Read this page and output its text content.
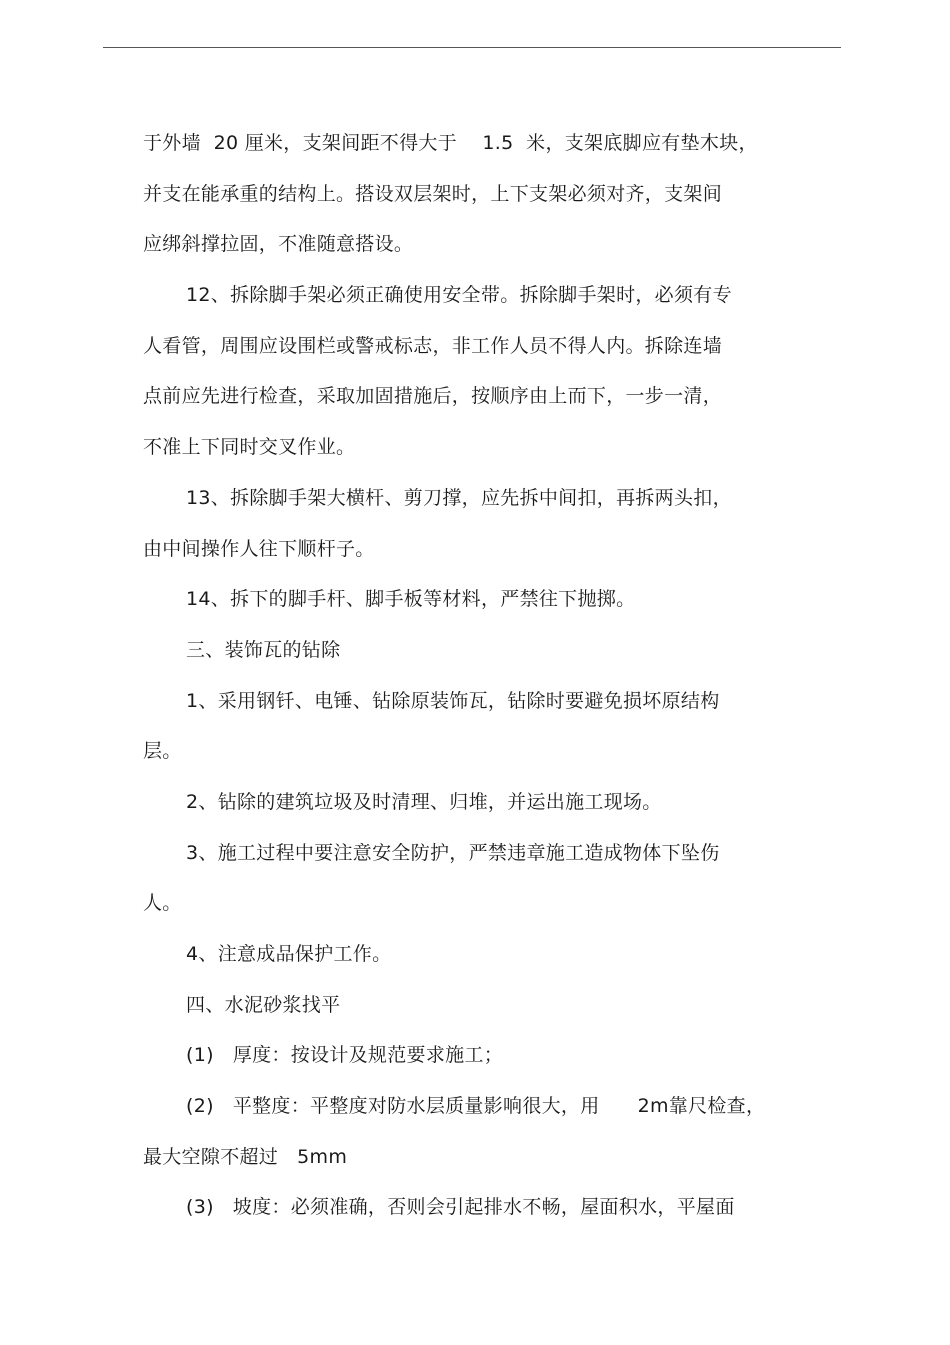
于外墙  20 厘米，支架间距不得大于    1.5  米，支架底脚应有垫木块，
并支在能承重的结构上。搭设双层架时，上下支架必须对齐，支架间
应绑斜撑拉固，不准随意搭设。
12、拆除脚手架必须正确使用安全带。拆除脚手架时，必须有专
人看管，周围应设围栏或警戒标志，非工作人员不得人内。拆除连墙
点前应先进行检查，采取加固措施后，按顺序由上而下，一步一清，
不准上下同时交叉作业。
13、拆除脚手架大横杆、剪刀撑，应先拆中间扣，再拆两头扣，
由中间操作人往下顺杆子。
14、拆下的脚手杆、脚手板等材料，严禁往下抛掷。
三、装饰瓦的钻除
1、采用钢钎、电锤、钻除原装饰瓦，钻除时要避免损坏原结构
层。
2、钻除的建筑垃圾及时清理、归堆，并运出施工现场。
3、施工过程中要注意安全防护，严禁违章施工造成物体下坠伤
人。
4、注意成品保护工作。
四、水泥砂浆找平
(1)   厚度：按设计及规范要求施工；
(2)   平整度：平整度对防水层质量影响很大，用      2m靠尺检查，
最大空隙不超过   5mm
(3)   坡度：必须准确，否则会引起排水不畅，屋面积水，平屋面
